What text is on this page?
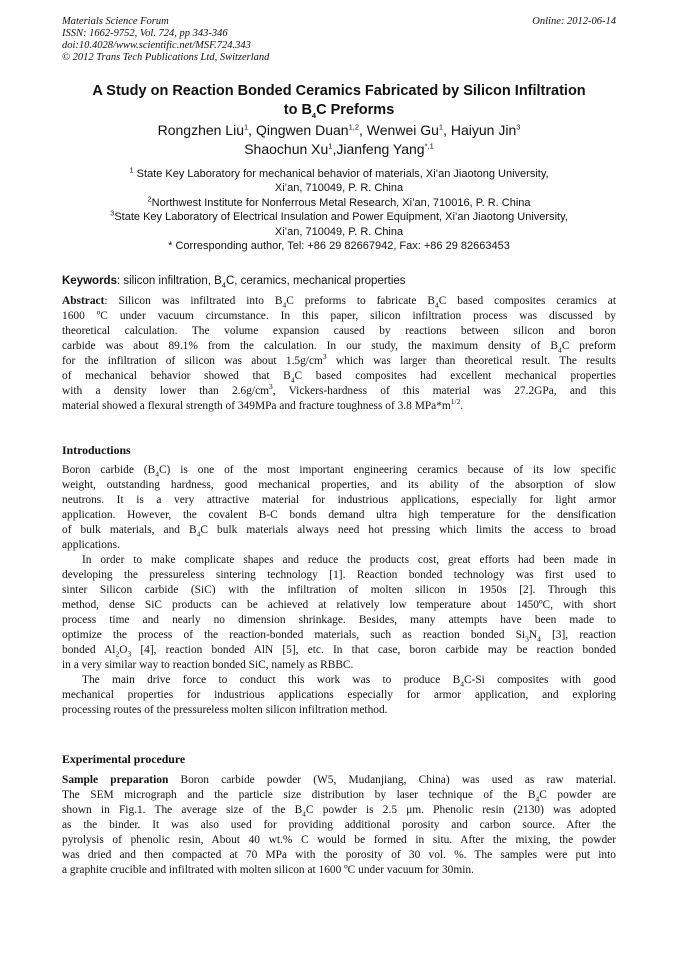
Materials Science Forum
ISSN: 1662-9752, Vol. 724, pp 343-346
doi:10.4028/www.scientific.net/MSF.724.343
© 2012 Trans Tech Publications Ltd, Switzerland
Online: 2012-06-14
A Study on Reaction Bonded Ceramics Fabricated by Silicon Infiltration
to $B_4C$ Preforms
Rongzhen Liu$^1$, Qingwen Duan$^{1,2}$, Wenwei Gu$^1$, Haiyun Jin$^3$
Shaochun Xu$^1$,Jianfeng Yang$^{*,1}$
$^1$ State Key Laboratory for mechanical behavior of materials, Xi’an Jiaotong University,
Xi’an, 710049, P. R. China
$^2$Northwest Institute for Nonferrous Metal Research, Xi’an, 710016, P. R. China
$^3$State Key Laboratory of Electrical Insulation and Power Equipment, Xi’an Jiaotong University,
Xi’an, 710049, P. R. China
* Corresponding author, Tel: +86 29 82667942, Fax: +86 29 82663453
Keywords: silicon infiltration, $B_4C$, ceramics, mechanical properties
Abstract: Silicon was infiltrated into $B_4C$ preforms to fabricate $B_4C$ based composites ceramics at
1600 ºC under vacuum circumstance. In this paper, silicon infiltration process was discussed by
theoretical calculation. The volume expansion caused by reactions between silicon and boron
carbide was about 89.1% from the calculation. In our study, the maximum density of $B_4C$ preform
for the infiltration of silicon was about $1.5g/cm^3$ which was larger than theoretical result. The results
of mechanical behavior showed that $B_4C$ based composites had excellent mechanical properties
with a density lower than $2.6g/cm^3$, Vickers-hardness of this material was 27.2GPa, and this
material showed a flexural strength of 349MPa and fracture toughness of 3.8 $MPa*m^{1/2}$.
Introductions
Boron carbide $(B_4C)$ is one of the most important engineering ceramics because of its low specific
weight, outstanding hardness, good mechanical properties, and its ability of the absorption of slow
neutrons. It is a very attractive material for industrious applications, especially for light armor
application. However, the covalent B-C bonds demand ultra high temperature for the densification
of bulk materials, and $B_4C$ bulk materials always need hot pressing which limits the access to broad
applications.
In order to make complicate shapes and reduce the products cost, great efforts had been made in
developing the pressureless sintering technology [1]. Reaction bonded technology was first used to
sinter Silicon carbide (SiC) with the infiltration of molten silicon in 1950s [2]. Through this
method, dense SiC products can be achieved at relatively low temperature about 1450ºC, with short
process time and nearly no dimension shrinkage. Besides, many attempts have been made to
optimize the process of the reaction-bonded materials, such as reaction bonded $Si_3N_4$ [3], reaction
bonded $Al_2O_3$ [4], reaction bonded AlN [5], etc. In that case, boron carbide may be reaction bonded
in a very similar way to reaction bonded SiC, namely as RBBC.
The main drive force to conduct this work was to produce $B_4C-Si$ composites with good
mechanical properties for industrious applications especially for armor application, and exploring
processing routes of the pressureless molten silicon infiltration method.
Experimental procedure
Sample preparation Boron carbide powder (W5, Mudanjiang, China) was used as raw material.
The SEM micrograph and the particle size distribution by laser technique of the $B_4C$ powder are
shown in Fig.1. The average size of the $B_4C$ powder is 2.5 μm. Phenolic resin (2130) was adopted
as the binder. It was also used for providing additional porosity and carbon source. After the
pyrolysis of phenolic resin, About 40 wt.% C would be formed in situ. After the mixing, the powder
was dried and then compacted at 70 MPa with the porosity of 30 vol. %. The samples were put into
a graphite crucible and infiltrated with molten silicon at 1600 ºC under vacuum for 30min.
